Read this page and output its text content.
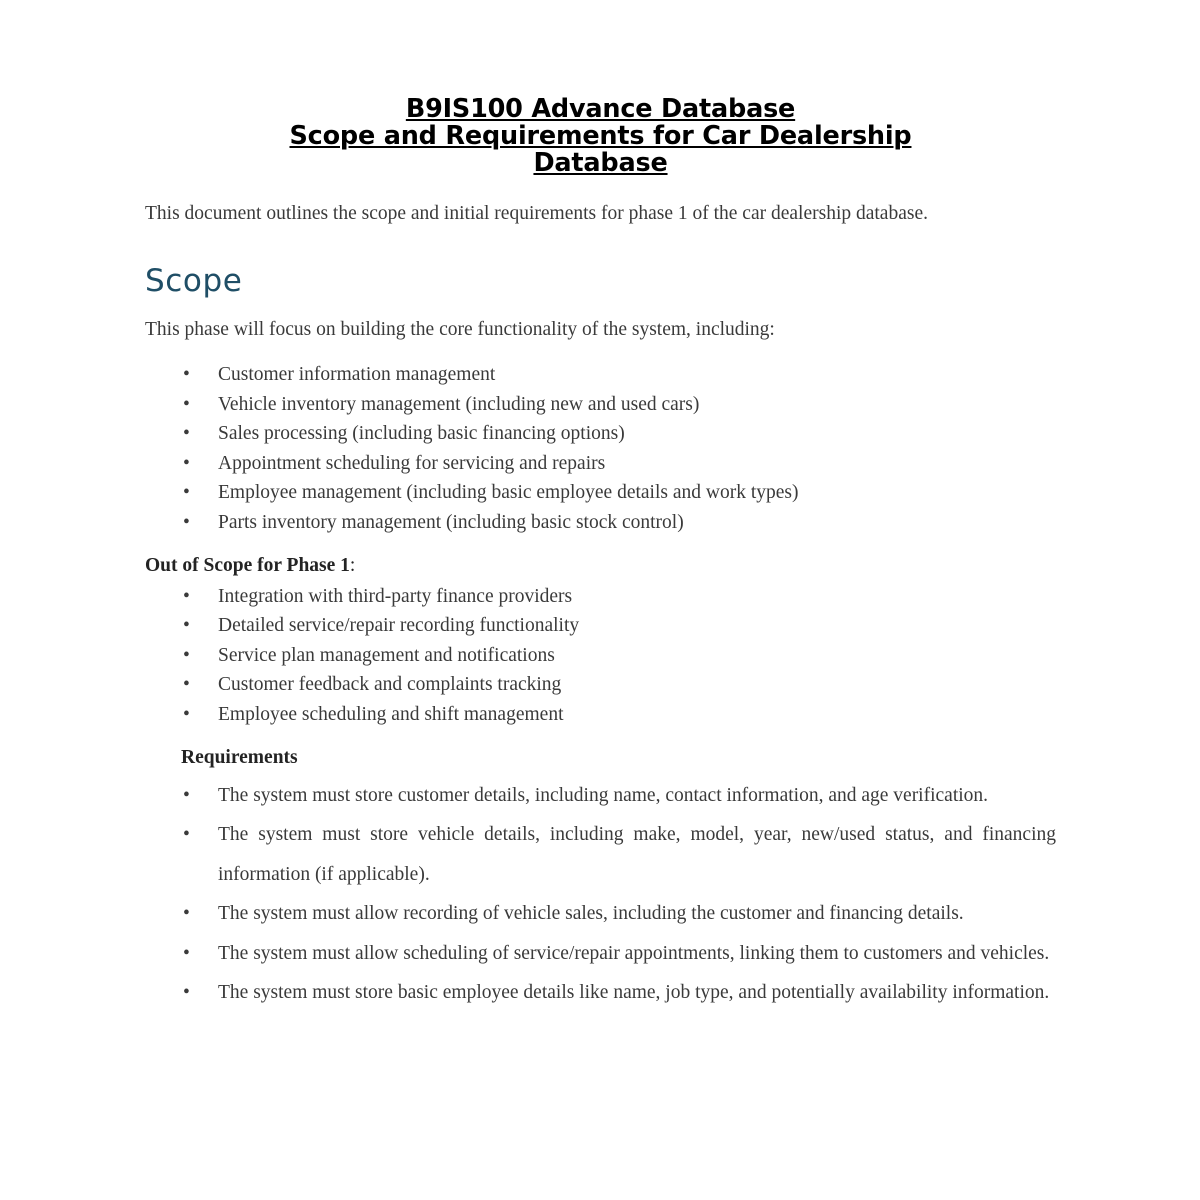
B9IS100 Advance Database
Scope and Requirements for Car Dealership
Database

This document outlines the scope and initial requirements for phase 1 of the car dealership database.

Scope

This phase will focus on building the core functionality of the system, including:

• Customer information management
• Vehicle inventory management (including new and used cars)
• Sales processing (including basic financing options)
• Appointment scheduling for servicing and repairs
• Employee management (including basic employee details and work types)
• Parts inventory management (including basic stock control)

Out of Scope for Phase 1:

• Integration with third-party finance providers
• Detailed service/repair recording functionality
• Service plan management and notifications
• Customer feedback and complaints tracking
• Employee scheduling and shift management

Requirements

• The system must store customer details, including name, contact information, and age verification.
• The system must store vehicle details, including make, model, year, new/used status, and financing information (if applicable).
• The system must allow recording of vehicle sales, including the customer and financing details.
• The system must allow scheduling of service/repair appointments, linking them to customers and vehicles.
• The system must store basic employee details like name, job type, and potentially availability information.
